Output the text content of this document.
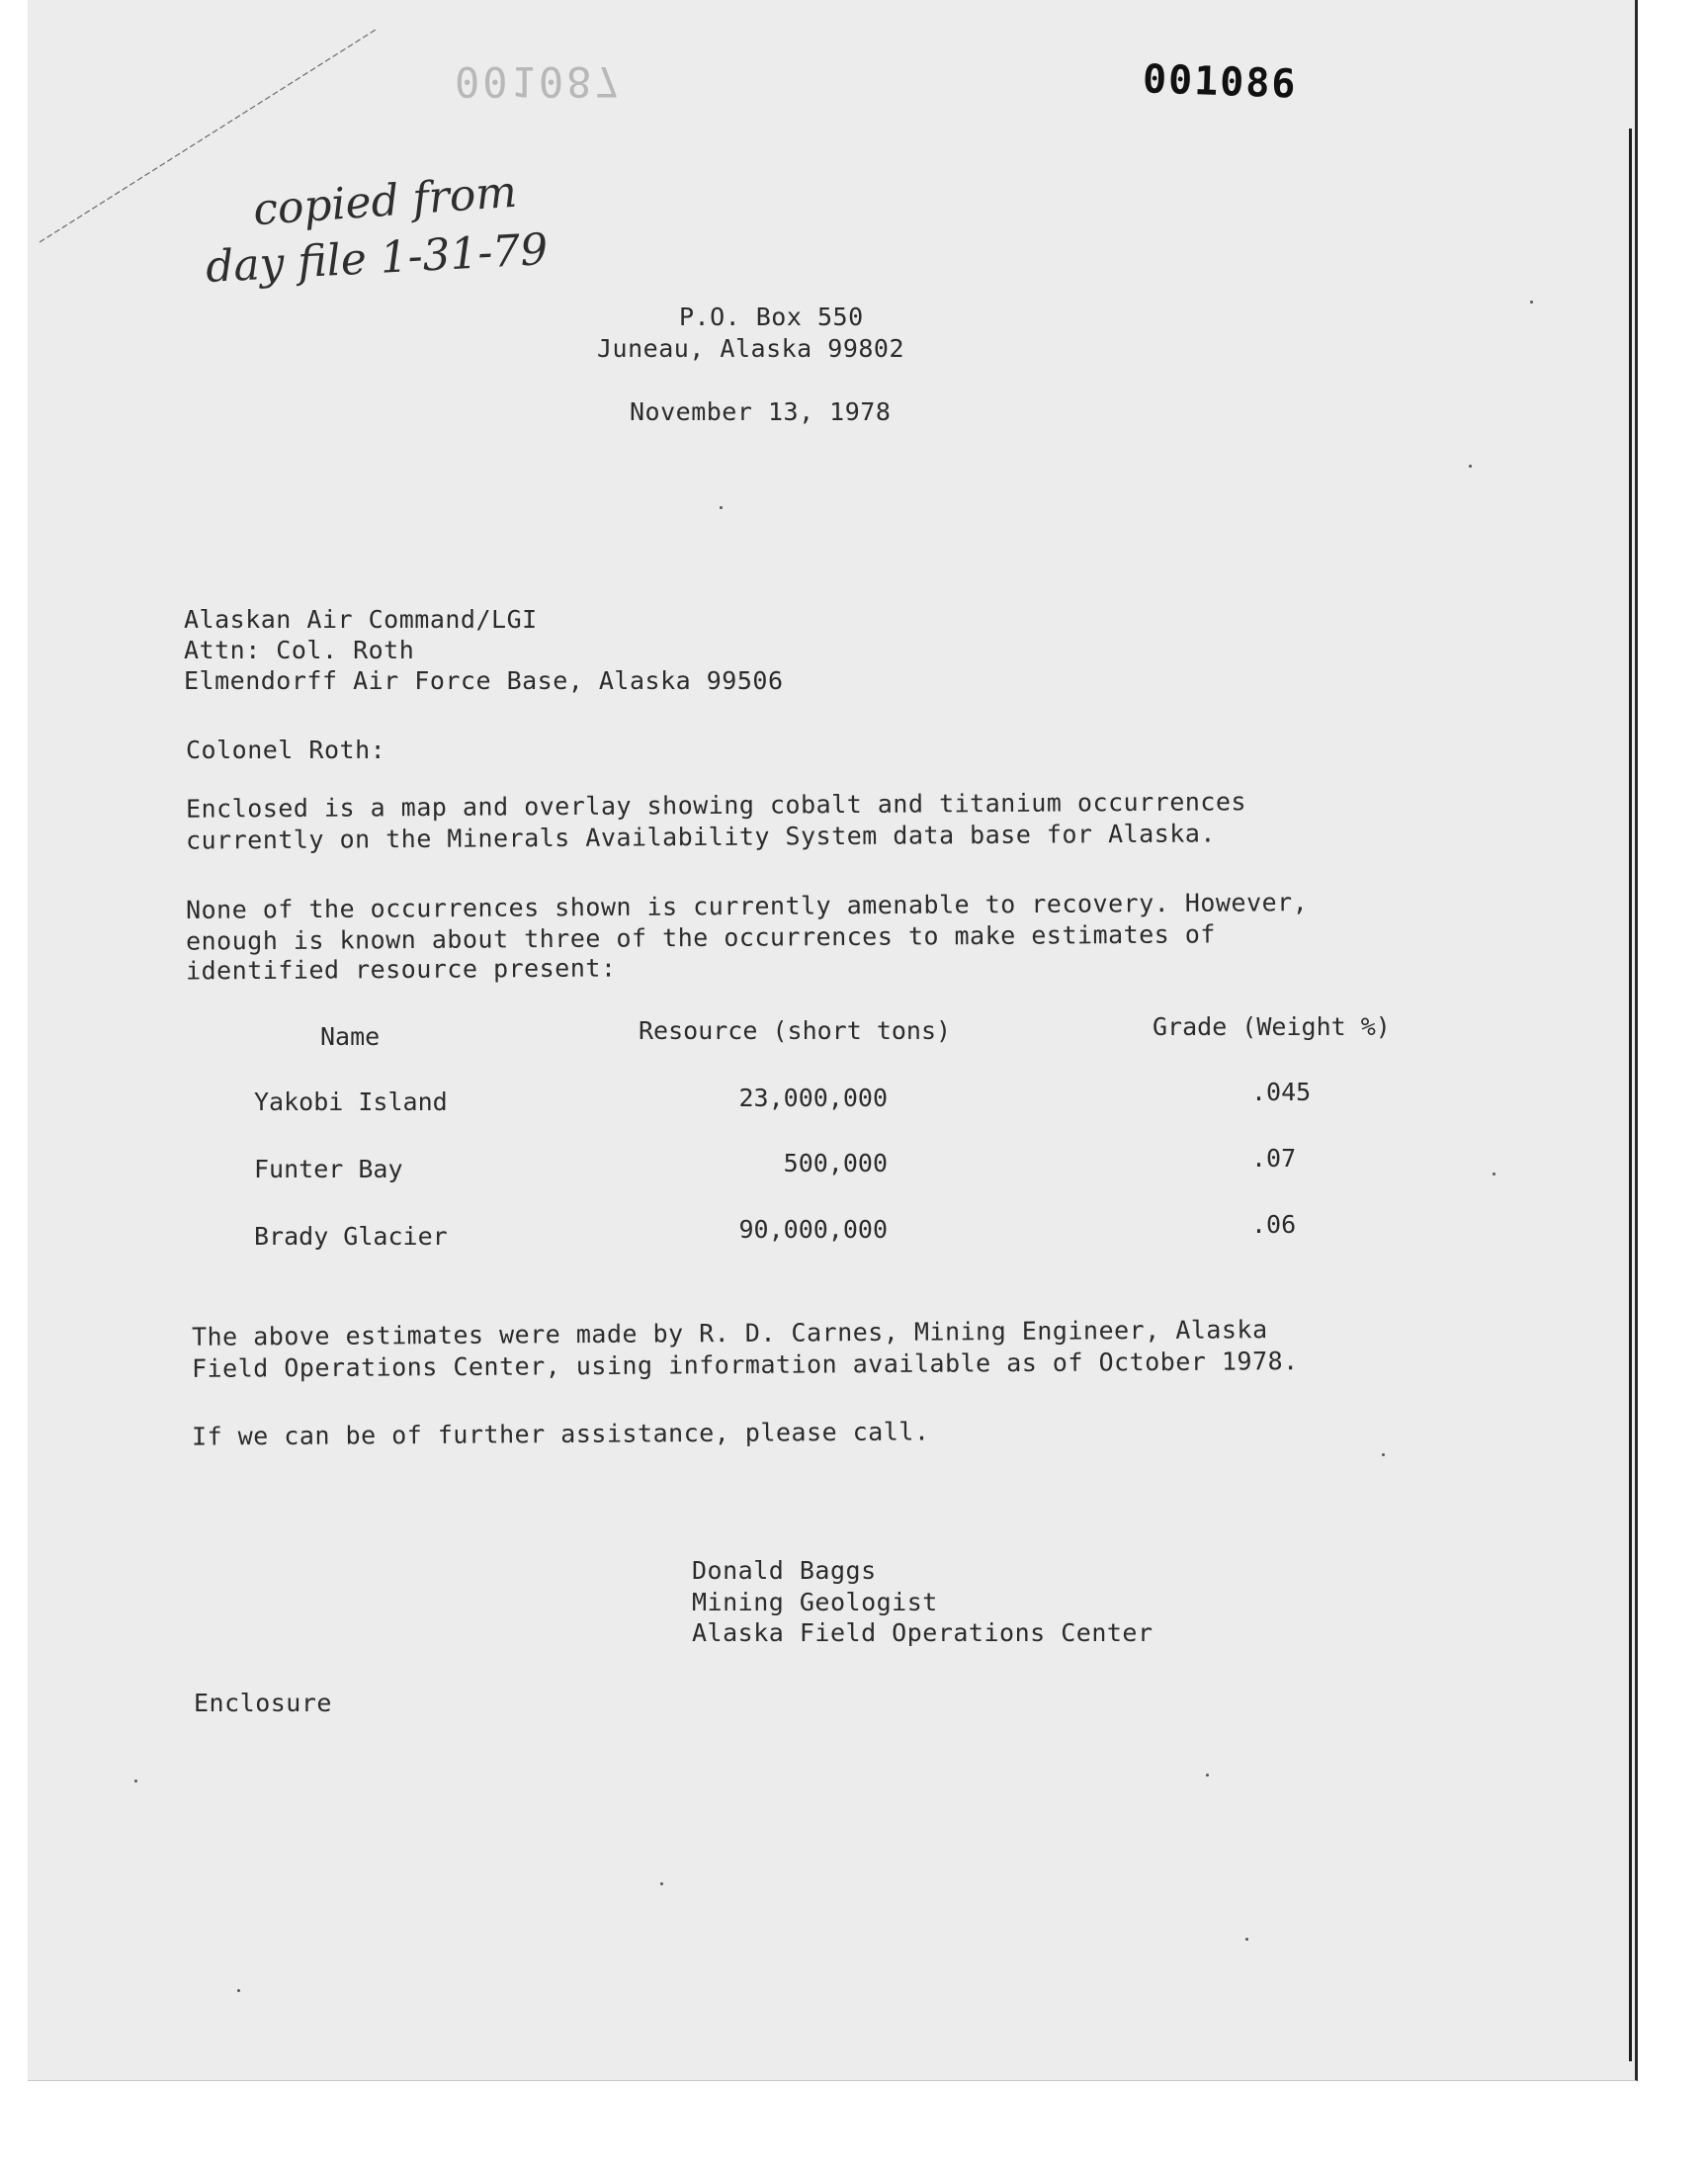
001087	001086
copied from
day file 1-31-79
P.O. Box 550
Juneau, Alaska 99802
November 13, 1978
Alaskan Air Command/LGI
Attn: Col. Roth
Elmendorff Air Force Base, Alaska 99506
Colonel Roth:
Enclosed is a map and overlay showing cobalt and titanium occurrences
currently on the Minerals Availability System data base for Alaska.
None of the occurrences shown is currently amenable to recovery. However,
enough is known about three of the occurrences to make estimates of
identified resource present:
Name	Resource (short tons)	Grade (Weight %)
Yakobi Island	23,000,000	.045
Funter Bay	500,000	.07
Brady Glacier	90,000,000	.06
The above estimates were made by R. D. Carnes, Mining Engineer, Alaska
Field Operations Center, using information available as of October 1978.
If we can be of further assistance, please call.
Donald Baggs
Mining Geologist
Alaska Field Operations Center
Enclosure
